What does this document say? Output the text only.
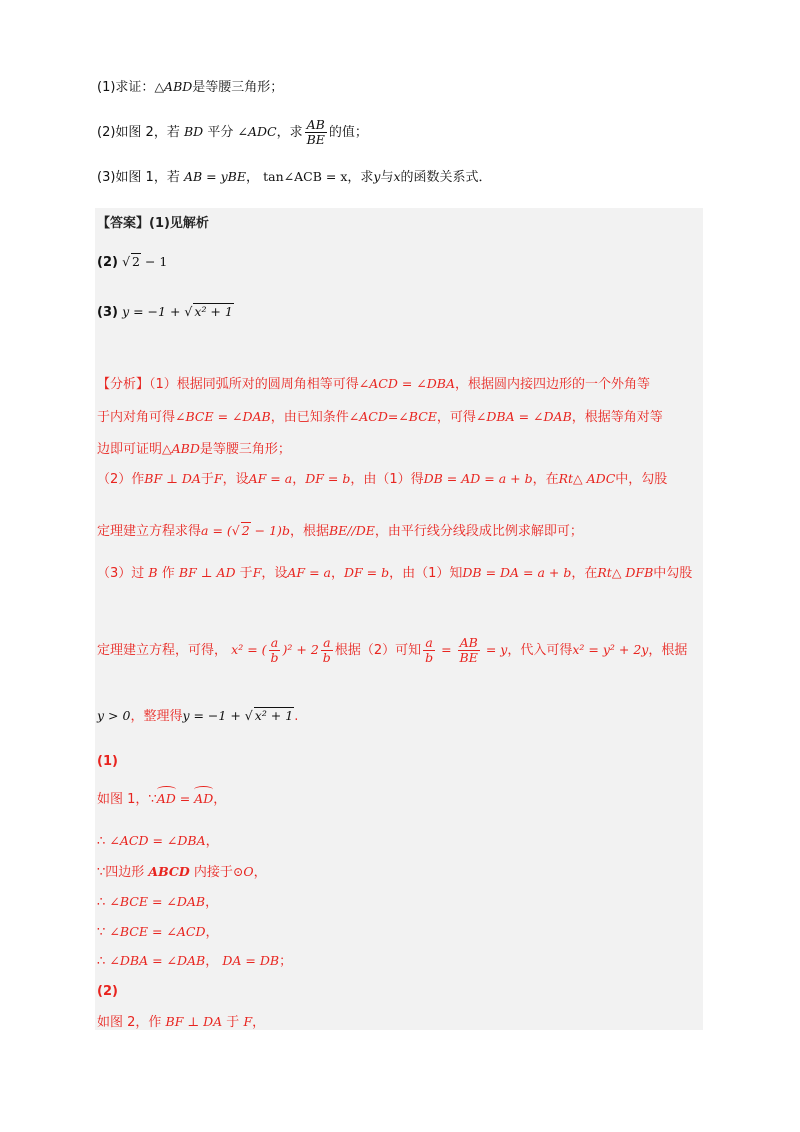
(1)求证：△ABD是等腰三角形；
(2)如图 2，若 BD 平分 ∠ADC，求 $\frac{AB}{BE}$ 的值；
(3)如图 1，若 AB = yBE， tan∠ACB = x，求y与x的函数关系式．
【答案】(1)见解析
(2) √ 2 − 1
(3) y = −1 + √ x² + 1
【分析】（1）根据同弧所对的圆周角相等可得∠ACD = ∠DBA，根据圆内接四边形的一个外角等
于内对角可得∠BCE = ∠DAB，由已知条件∠ACD=∠BCE，可得∠DBA = ∠DAB，根据等角对等
边即可证明△ABD是等腰三角形；
（2）作BF ⊥ DA于F，设AF = a，DF = b，由（1）得DB = AD = a + b，在Rt△ ADC中，勾股
定理建立方程求得a = (√ 2 − 1)b，根据BE//DE，由平行线分线段成比例求解即可；
（3）过 B 作 BF ⊥ AD 于F，设AF = a，DF = b，由（1）知DB = DA = a + b，在Rt△ DFB中勾股
定理建立方程，可得， x² = ( $\frac{a}{b} )^2 + 2 \frac{a}{b}$ 根据（2）可知 $\frac{a}{b} = \frac{AB}{BE} = y$，代入可得x² = y² + 2y，根据
y > 0，整理得y = −1 + √ x² + 1.
(1)
如图 1，∵AD = AD，
∴ ∠ACD = ∠DBA，
∵四边形 ABCD 内接于⊙O，
∴ ∠BCE = ∠DAB，
∵ ∠BCE = ∠ACD，
∴ ∠DBA = ∠DAB， DA = DB；
(2)
如图 2，作 BF ⊥ DA 于 F，
